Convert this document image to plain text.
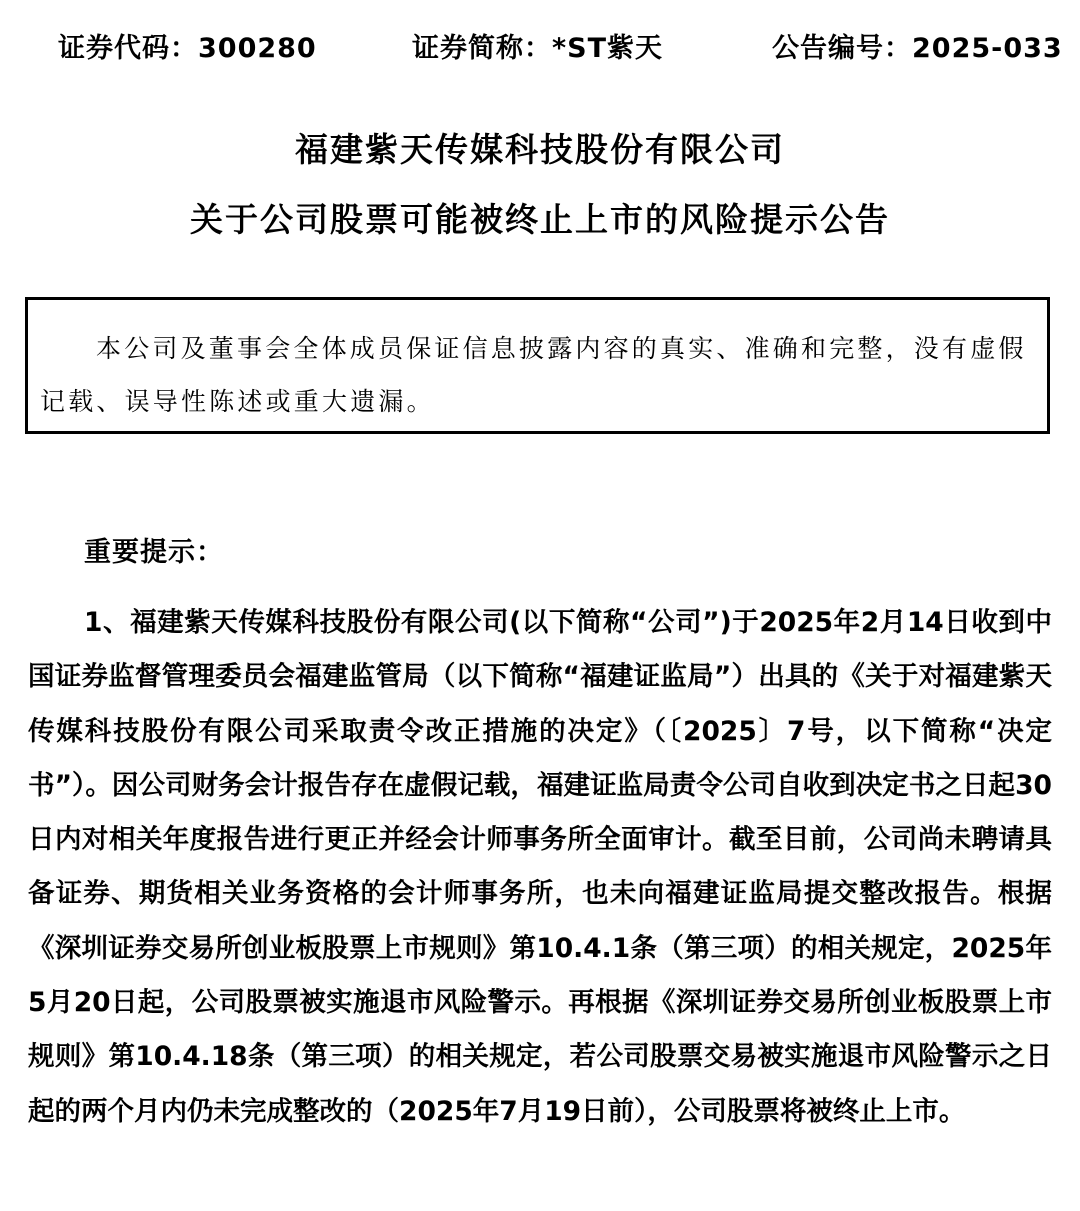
证券代码：300280	证券简称：*ST紫天	公告编号：2025-033
福建紫天传媒科技股份有限公司
关于公司股票可能被终止上市的风险提示公告

本公司及董事会全体成员保证信息披露内容的真实、准确和完整，没有虚假记载、误导性陈述或重大遗漏。

重要提示：

1、福建紫天传媒科技股份有限公司(以下简称“公司”)于2025年2月14日收到中国证券监督管理委员会福建监管局（以下简称“福建证监局”）出具的《关于对福建紫天传媒科技股份有限公司采取责令改正措施的决定》（〔2025〕7号，以下简称“决定书”）。因公司财务会计报告存在虚假记载，福建证监局责令公司自收到决定书之日起30日内对相关年度报告进行更正并经会计师事务所全面审计。截至目前，公司尚未聘请具备证券、期货相关业务资格的会计师事务所，也未向福建证监局提交整改报告。根据《深圳证券交易所创业板股票上市规则》第10.4.1条（第三项）的相关规定，2025年5月20日起，公司股票被实施退市风险警示。再根据《深圳证券交易所创业板股票上市规则》第10.4.18条（第三项）的相关规定，若公司股票交易被实施退市风险警示之日起的两个月内仍未完成整改的（2025年7月19日前），公司股票将被终止上市。
